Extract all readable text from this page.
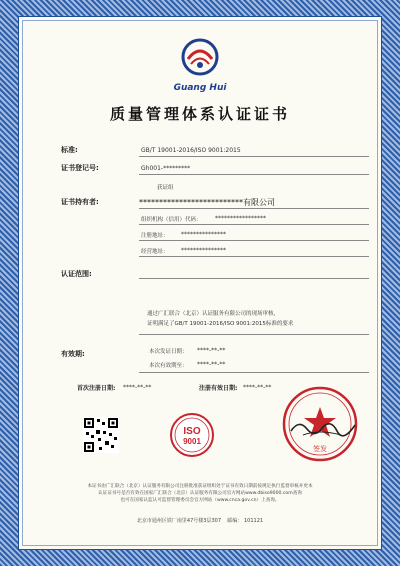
Guang Hui
质量管理体系认证证书
标准:	GB/T 19001-2016/ISO 9001:2015
证书登记号:	Gh001-*********
获证组
证书持有者:	**************************有限公司
组织机构（信用）代码： *****************
注册地址： ***************
经营地址： ***************
认证范围:
通过广汇联合（北京）认证服务有限公司的现场审核，
证明满足了GB/T 19001-2016/ISO 9001:2015标准的要求
有效期:	本次发证日期： ****-**-**
本次有效期至： ****-**-**
首次注册日期: ****-**-**	注册有效日期: ****-**-**
ISO
9001
签发
本证书由广汇联合（北京）认证服务有限公司注册批准获证组织处于证书有效日期前按规定执行监督审核并更本
认证证书号是否有效在国家广汇联合（北京）认证服务有限公司官方网站www.dbiso9000.com查询
也可在国家认监认可监督管理委员会官方网站（www.cnca.gov.cn）上查询。
北京市通州区铁厂南里47号楼3层307 邮编： 101121
